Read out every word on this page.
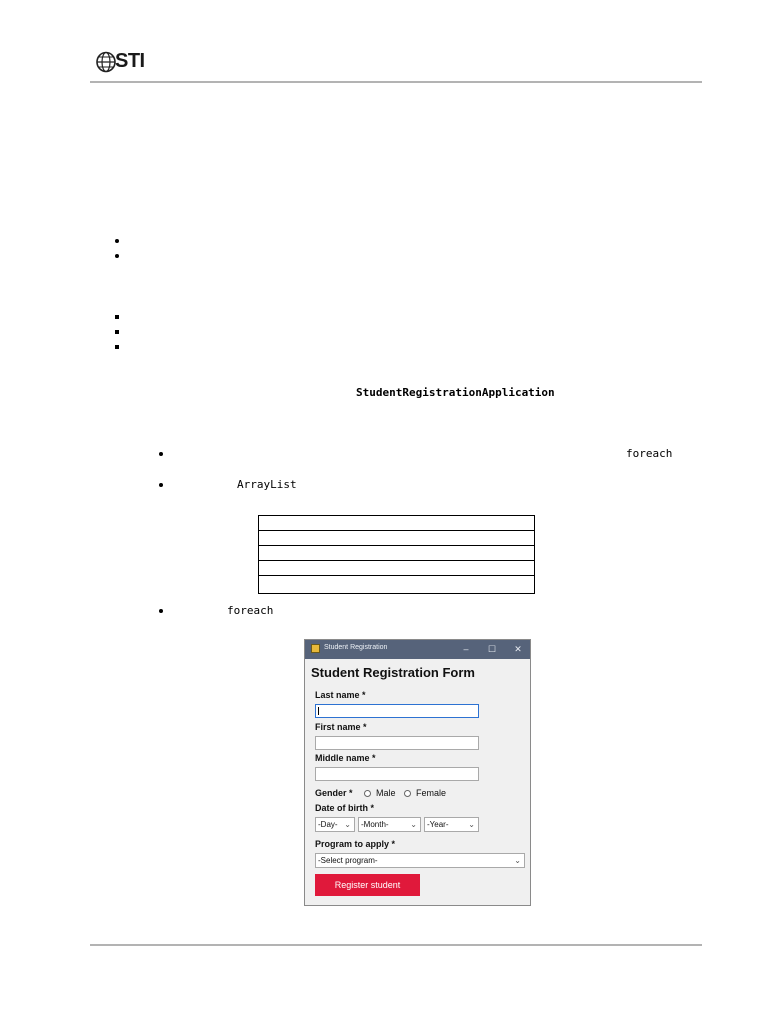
STI
StudentRegistrationApplication
foreach
ArrayList
foreach
Student Registration	–	☐	✕
Student Registration Form
Last name *
First name *
Middle name *
Gender *	Male Female
Date of birth *
-Day- ⌄	-Month-	⌄	-Year- ⌄
Program to apply *
-Select program-	⌄
Register student
